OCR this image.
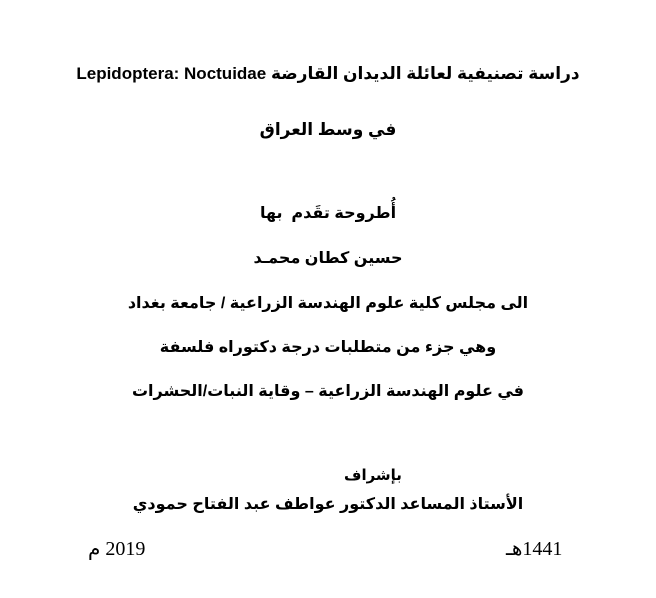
دراسة تصنيفية لعائلة الديدان القارضة Lepidoptera: Noctuidae
في وسط العراق
أُطروحة تقَدم  بها
حسين كطان محمـد
الى مجلس كلية علوم الهندسة الزراعية / جامعة بغداد
وهي جزء من متطلبات درجة دكتوراه فلسفة
في علوم الهندسة الزراعية – وقاية النبات/الحشرات
بإشراف
الأستاذ المساعد الدكتور عواطف عبد الفتاح حمودي
1441هـ
2019 م
